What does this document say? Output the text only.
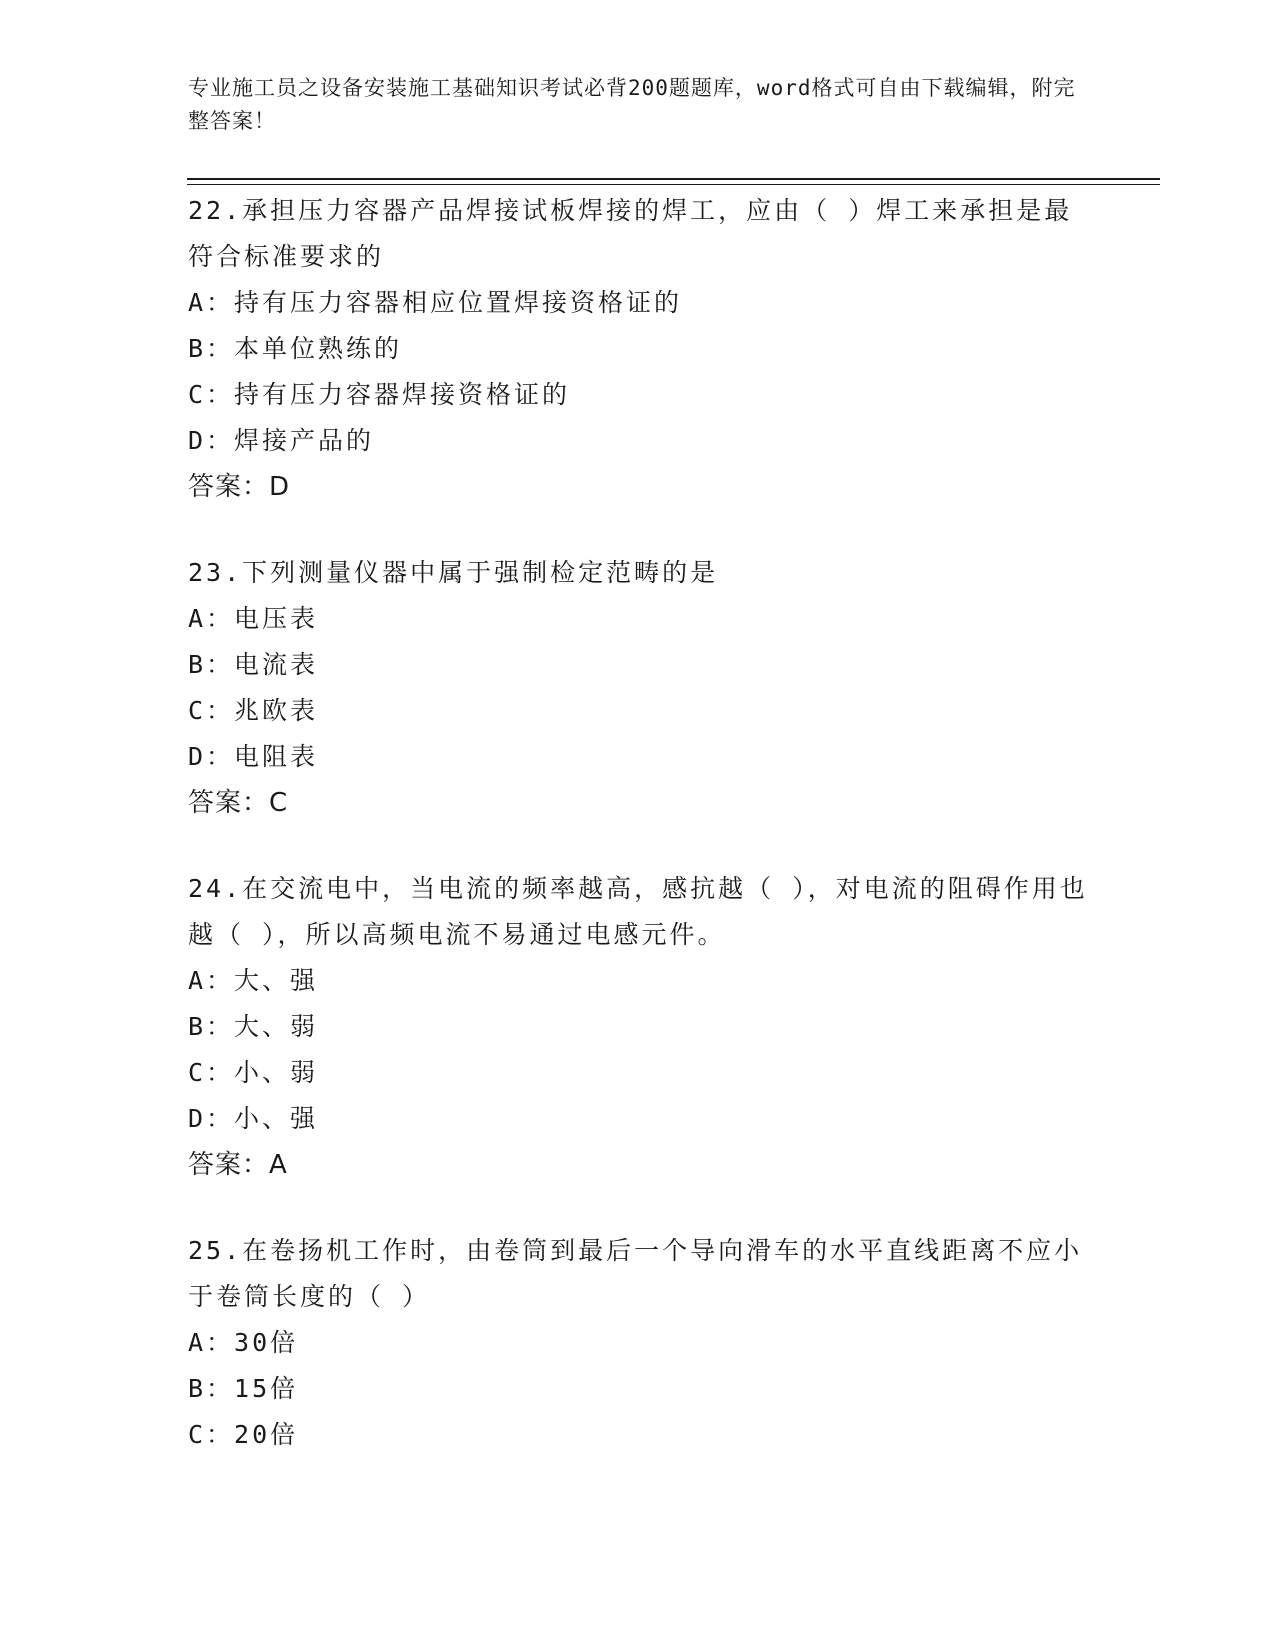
专业施工员之设备安装施工基础知识考试必背200题题库，word格式可自由下载编辑，附完整答案！
22.承担压力容器产品焊接试板焊接的焊工，应由（ ）焊工来承担是最符合标准要求的
A：持有压力容器相应位置焊接资格证的
B：本单位熟练的
C：持有压力容器焊接资格证的
D：焊接产品的
答案：D
23.下列测量仪器中属于强制检定范畴的是
A：电压表
B：电流表
C：兆欧表
D：电阻表
答案：C
24.在交流电中，当电流的频率越高，感抗越（ ），对电流的阻碍作用也越（ ），所以高频电流不易通过电感元件。
A：大、强
B：大、弱
C：小、弱
D：小、强
答案：A
25.在卷扬机工作时，由卷筒到最后一个导向滑车的水平直线距离不应小于卷筒长度的（ ）
A：30倍
B：15倍
C：20倍
